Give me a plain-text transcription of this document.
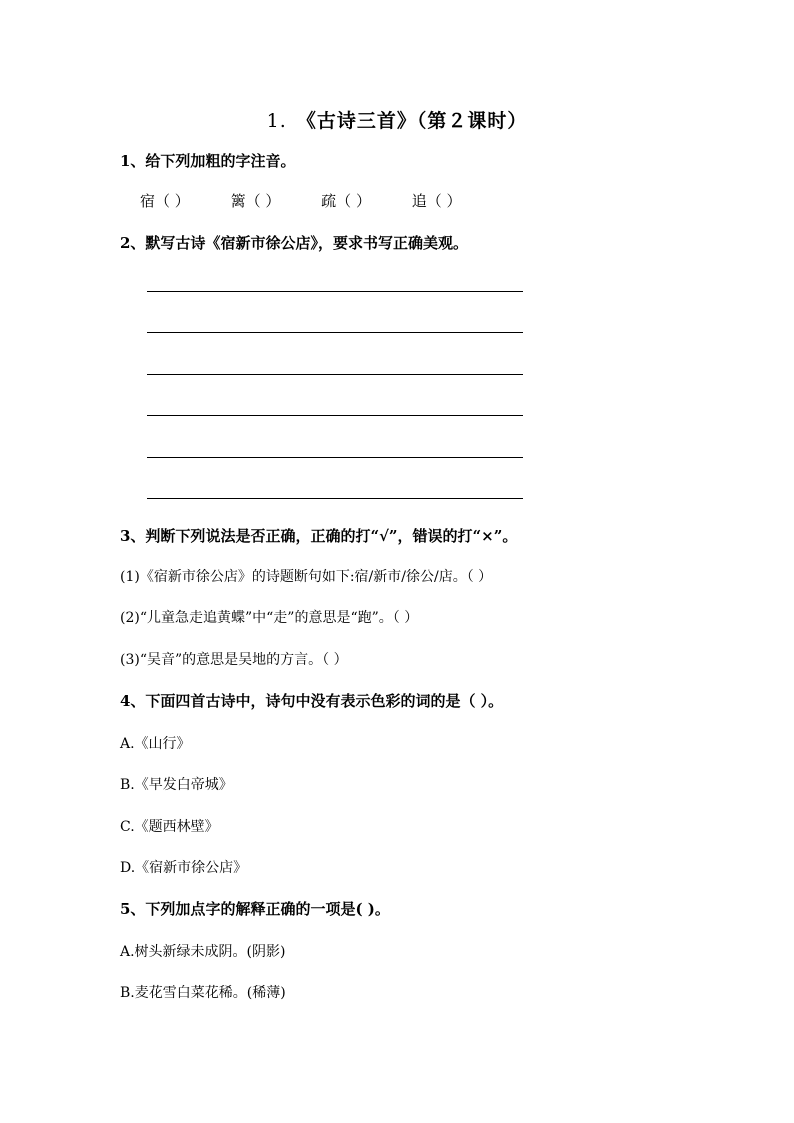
1. 《古诗三首》（第２课时）
1、给下列加粗的字注音。
宿（ ）	篱（ ）	疏（ ）	追（ ）
2、默写古诗《宿新市徐公店》，要求书写正确美观。
3、判断下列说法是否正确，正确的打“√”，错误的打“×”。
(1)《宿新市徐公店》的诗题断句如下:宿/新市/徐公/店。（ ）
(2)“儿童急走追黄蝶”中“走”的意思是“跑”。（ ）
(3)“吴音”的意思是吴地的方言。（ ）
4、下面四首古诗中，诗句中没有表示色彩的词的是（ ）。
A.《山行》
B.《早发白帝城》
C.《题西林壁》
D.《宿新市徐公店》
5、下列加点字的解释正确的一项是( )。
A.树头新绿未成阴。(阴影)
B.麦花雪白菜花稀。(稀薄)
